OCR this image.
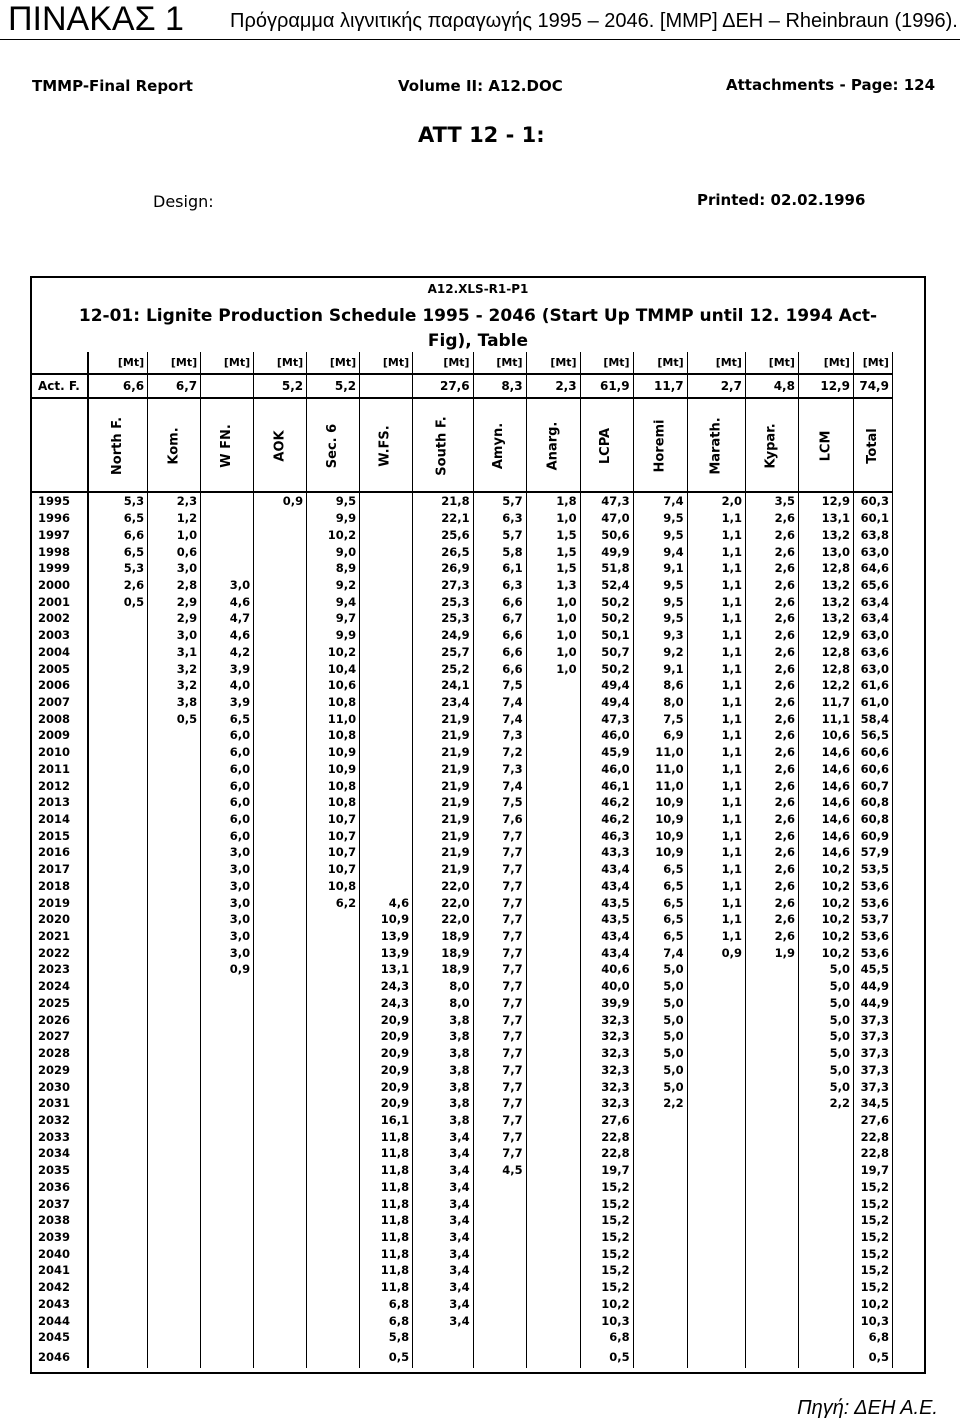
ΠΙΝΑΚΑΣ 1 Πρόγραμμα λιγνιτικής παραγωγής 1995 – 2046. [MMP] ΔΕΗ – Rheinbraun (1996).
TMMP-Final Report	Volume II: A12.DOC	Attachments - Page: 124
ATT 12 - 1:
Design:	Printed: 02.02.1996
A12.XLS-R1-P1
12-01: Lignite Production Schedule 1995 - 2046 (Start Up TMMP until 12. 1994 Act-
Fig), Table
	[Mt]	[Mt]	[Mt]	[Mt]	[Mt]	[Mt]	[Mt]	[Mt]	[Mt]	[Mt]	[Mt]	[Mt]	[Mt]	[Mt]	[Mt]
Act. F.	6,6	6,7		5,2	5,2		27,6	8,3	2,3	61,9	11,7	2,7	4,8	12,9	74,9
	North F.	Kom.	W FN.	AOK	Sec. 6	W.FS.	South F.	Amyn.	Anarg.	LCPA	Horemi	Marath.	Kypar.	LCM	Total
1995	5,3	2,3		0,9	9,5		21,8	5,7	1,8	47,3	7,4	2,0	3,5	12,9	60,3
1996	6,5	1,2			9,9		22,1	6,3	1,0	47,0	9,5	1,1	2,6	13,1	60,1
1997	6,6	1,0			10,2		25,6	5,7	1,5	50,6	9,5	1,1	2,6	13,2	63,8
1998	6,5	0,6			9,0		26,5	5,8	1,5	49,9	9,4	1,1	2,6	13,0	63,0
1999	5,3	3,0			8,9		26,9	6,1	1,5	51,8	9,1	1,1	2,6	12,8	64,6
2000	2,6	2,8	3,0		9,2		27,3	6,3	1,3	52,4	9,5	1,1	2,6	13,2	65,6
2001	0,5	2,9	4,6		9,4		25,3	6,6	1,0	50,2	9,5	1,1	2,6	13,2	63,4
2002		2,9	4,7		9,7		25,3	6,7	1,0	50,2	9,5	1,1	2,6	13,2	63,4
2003		3,0	4,6		9,9		24,9	6,6	1,0	50,1	9,3	1,1	2,6	12,9	63,0
2004		3,1	4,2		10,2		25,7	6,6	1,0	50,7	9,2	1,1	2,6	12,8	63,6
2005		3,2	3,9		10,4		25,2	6,6	1,0	50,2	9,1	1,1	2,6	12,8	63,0
2006		3,2	4,0		10,6		24,1	7,5		49,4	8,6	1,1	2,6	12,2	61,6
2007		3,8	3,9		10,8		23,4	7,4		49,4	8,0	1,1	2,6	11,7	61,0
2008		0,5	6,5		11,0		21,9	7,4		47,3	7,5	1,1	2,6	11,1	58,4
2009			6,0		10,8		21,9	7,3		46,0	6,9	1,1	2,6	10,6	56,5
2010			6,0		10,9		21,9	7,2		45,9	11,0	1,1	2,6	14,6	60,6
2011			6,0		10,9		21,9	7,3		46,0	11,0	1,1	2,6	14,6	60,6
2012			6,0		10,8		21,9	7,4		46,1	11,0	1,1	2,6	14,6	60,7
2013			6,0		10,8		21,9	7,5		46,2	10,9	1,1	2,6	14,6	60,8
2014			6,0		10,7		21,9	7,6		46,2	10,9	1,1	2,6	14,6	60,8
2015			6,0		10,7		21,9	7,7		46,3	10,9	1,1	2,6	14,6	60,9
2016			3,0		10,7		21,9	7,7		43,3	10,9	1,1	2,6	14,6	57,9
2017			3,0		10,7		21,9	7,7		43,4	6,5	1,1	2,6	10,2	53,5
2018			3,0		10,8		22,0	7,7		43,4	6,5	1,1	2,6	10,2	53,6
2019			3,0		6,2	4,6	22,0	7,7		43,5	6,5	1,1	2,6	10,2	53,6
2020			3,0			10,9	22,0	7,7		43,5	6,5	1,1	2,6	10,2	53,7
2021			3,0			13,9	18,9	7,7		43,4	6,5	1,1	2,6	10,2	53,6
2022			3,0			13,9	18,9	7,7		43,4	7,4	0,9	1,9	10,2	53,6
2023			0,9			13,1	18,9	7,7		40,6	5,0			5,0	45,5
2024						24,3	8,0	7,7		40,0	5,0			5,0	44,9
2025						24,3	8,0	7,7		39,9	5,0			5,0	44,9
2026						20,9	3,8	7,7		32,3	5,0			5,0	37,3
2027						20,9	3,8	7,7		32,3	5,0			5,0	37,3
2028						20,9	3,8	7,7		32,3	5,0			5,0	37,3
2029						20,9	3,8	7,7		32,3	5,0			5,0	37,3
2030						20,9	3,8	7,7		32,3	5,0			5,0	37,3
2031						20,9	3,8	7,7		32,3	2,2			2,2	34,5
2032						16,1	3,8	7,7		27,6					27,6
2033						11,8	3,4	7,7		22,8					22,8
2034						11,8	3,4	7,7		22,8					22,8
2035						11,8	3,4	4,5		19,7					19,7
2036						11,8	3,4			15,2					15,2
2037						11,8	3,4			15,2					15,2
2038						11,8	3,4			15,2					15,2
2039						11,8	3,4			15,2					15,2
2040						11,8	3,4			15,2					15,2
2041						11,8	3,4			15,2					15,2
2042						11,8	3,4			15,2					15,2
2043						6,8	3,4			10,2					10,2
2044						6,8	3,4			10,3					10,3
2045						5,8				6,8					6,8
2046						0,5				0,5					0,5
Πηγή: ΔΕΗ Α.Ε.
